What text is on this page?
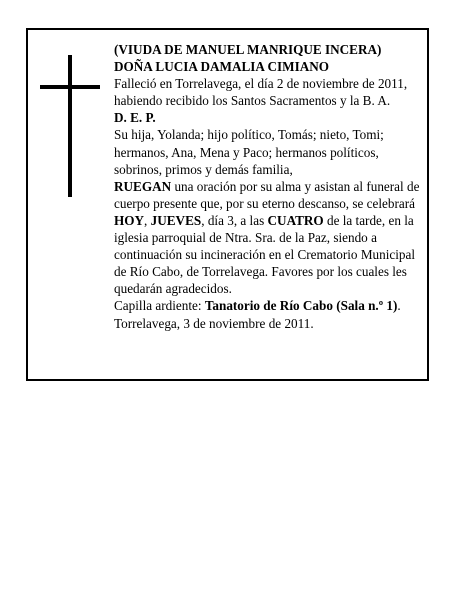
(VIUDA DE MANUEL MANRIQUE INCERA)

DOÑA LUCIA DAMALIA CIMIANO

Falleció en Torrelavega, el día 2 de noviembre de 2011, habiendo recibido los Santos Sacramentos y la B. A.

D. E. P.

Su hija, Yolanda; hijo político, Tomás; nieto, Tomi; hermanos, Ana, Mena y Paco; hermanos políticos, sobrinos, primos y demás familia,

RUEGAN una oración por su alma y asistan al funeral de cuerpo presente que, por su eterno descanso, se celebrará HOY, JUEVES, día 3, a las CUATRO de la tarde, en la iglesia parroquial de Ntra. Sra. de la Paz, siendo a continuación su incineración en el Crematorio Municipal de Río Cabo, de Torrelavega. Favores por los cuales les quedarán agradecidos.

Capilla ardiente: Tanatorio de Río Cabo (Sala n.º 1).

Torrelavega, 3 de noviembre de 2011.
